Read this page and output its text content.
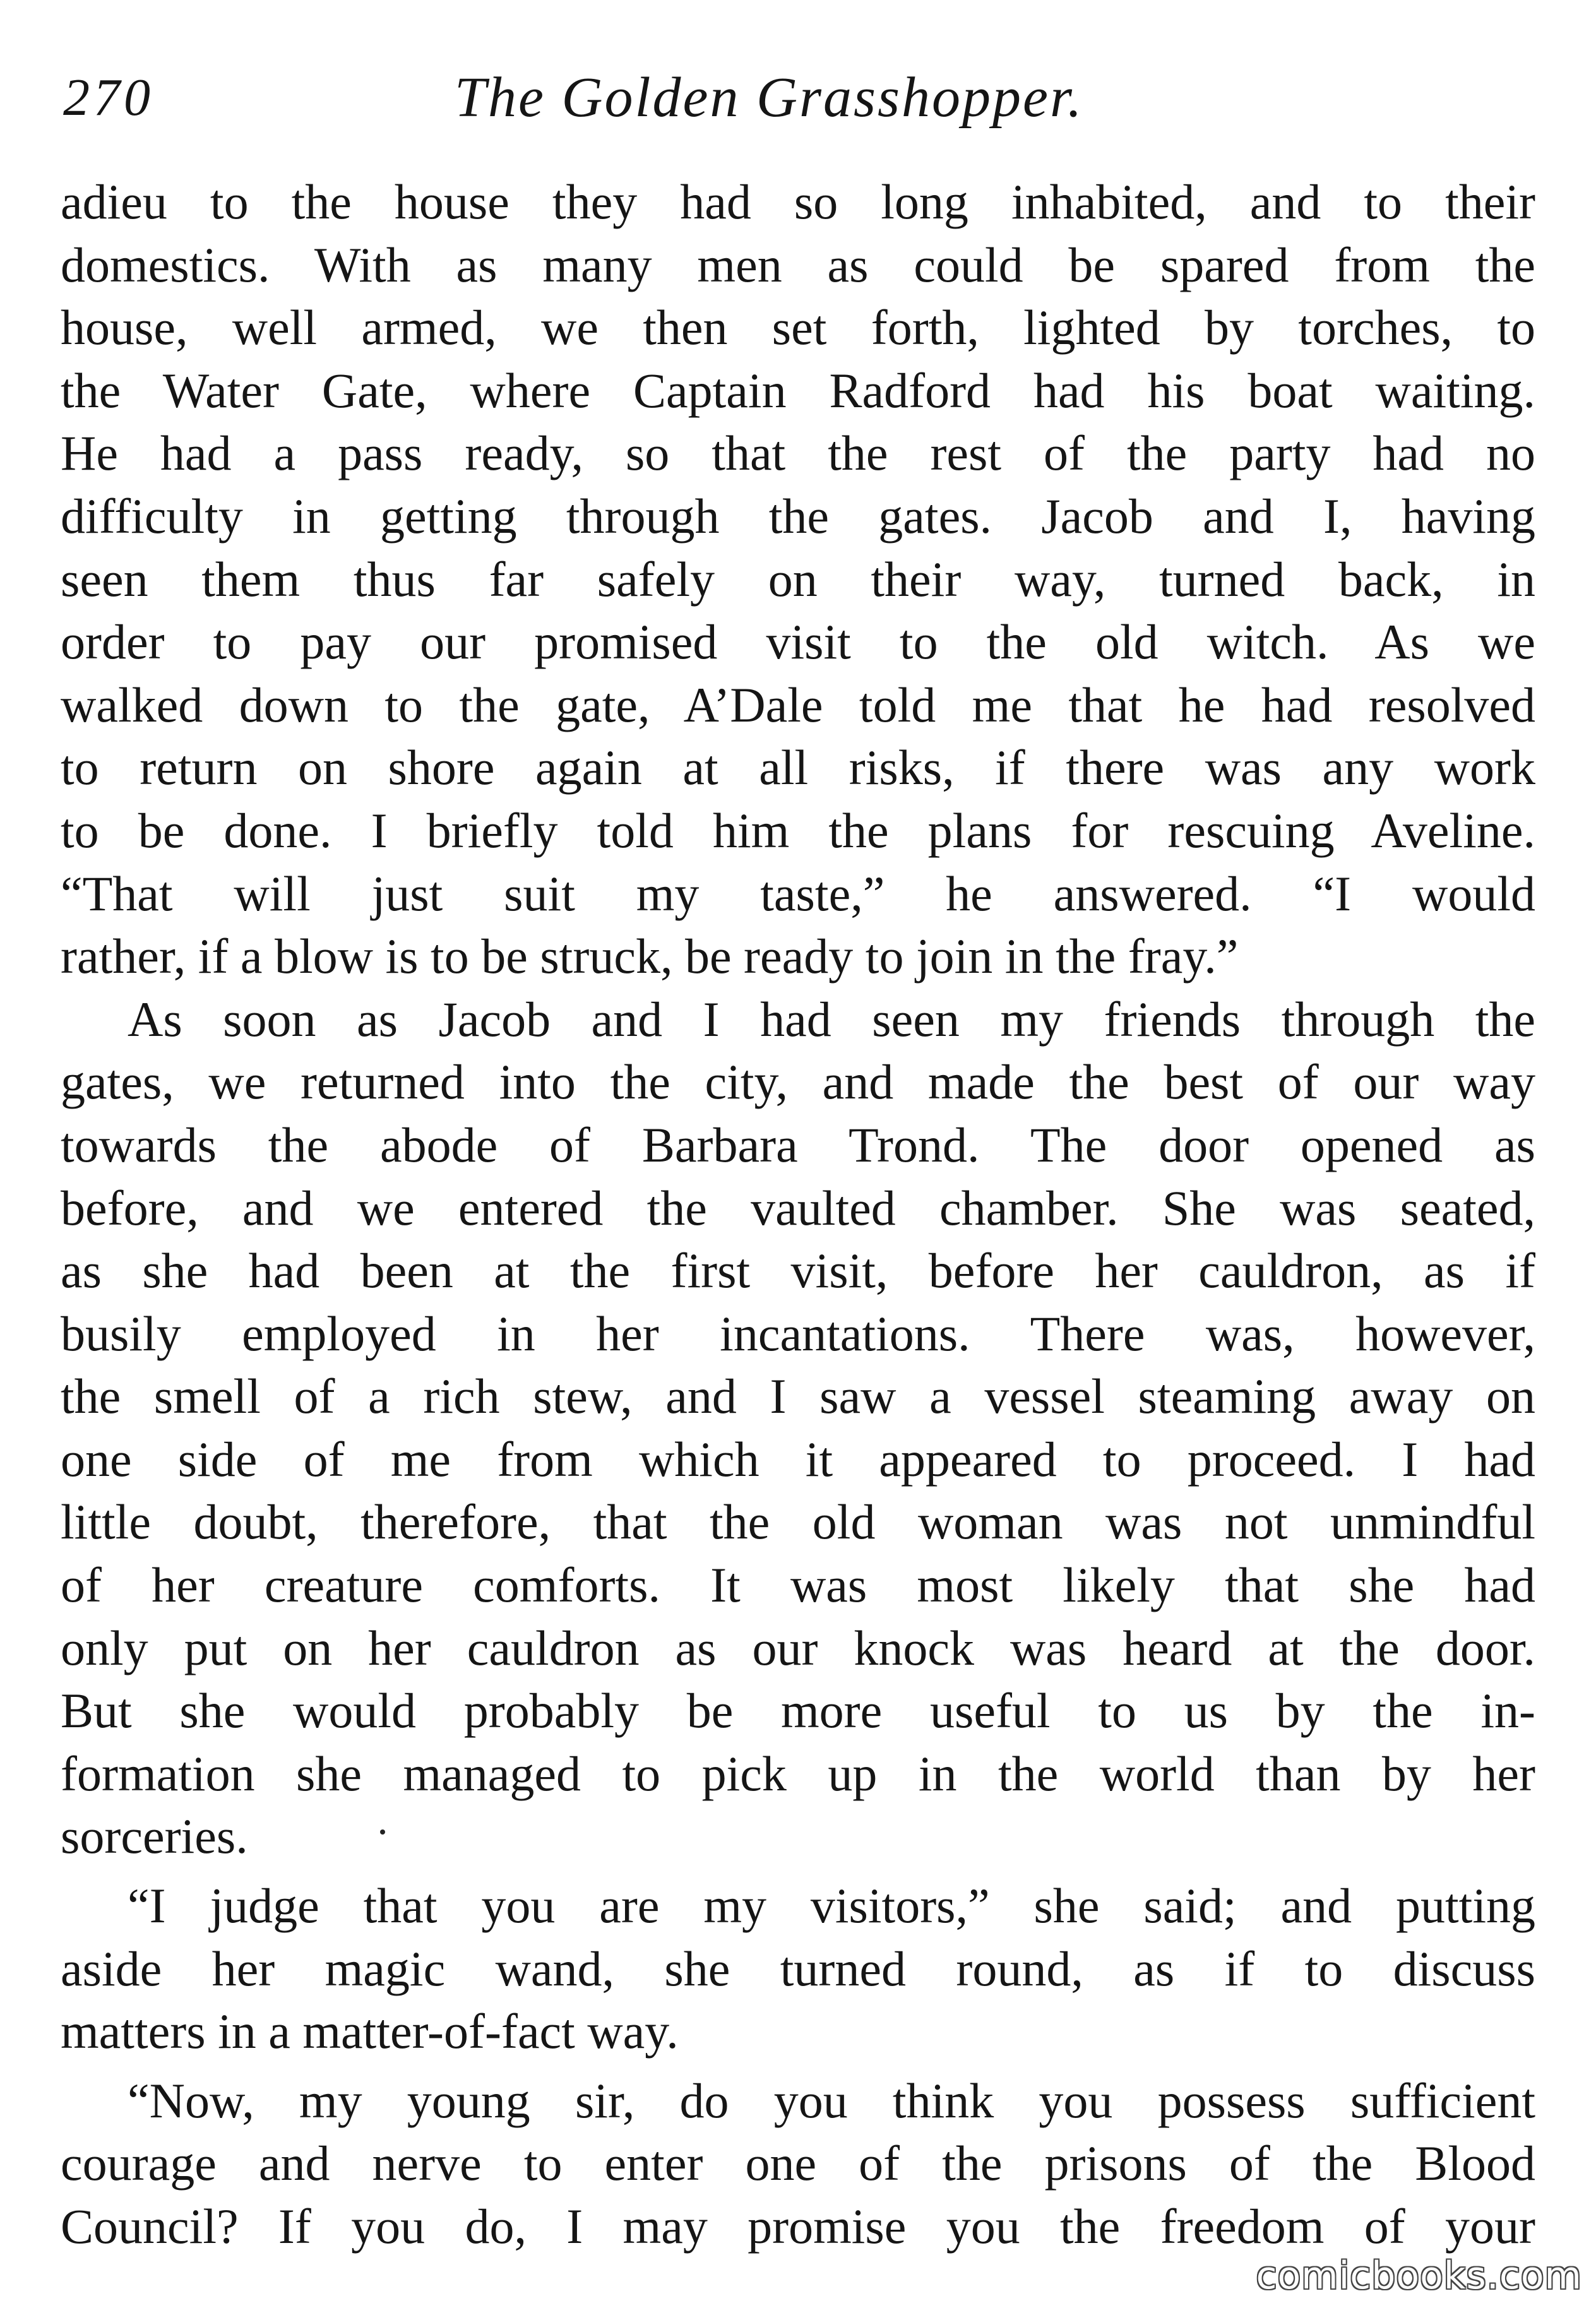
270	The Golden Grasshopper.
adieu to the house they had so long inhabited, and to their
domestics. With as many men as could be spared from the
house, well armed, we then set forth, lighted by torches, to
the Water Gate, where Captain Radford had his boat waiting.
He had a pass ready, so that the rest of the party had no
difficulty in getting through the gates. Jacob and I, having
seen them thus far safely on their way, turned back, in
order to pay our promised visit to the old witch. As we
walked down to the gate, A’Dale told me that he had resolved
to return on shore again at all risks, if there was any work
to be done. I briefly told him the plans for rescuing Aveline.
“That will just suit my taste,” he answered. “I would
rather, if a blow is to be struck, be ready to join in the fray.”
As soon as Jacob and I had seen my friends through the
gates, we returned into the city, and made the best of our way
towards the abode of Barbara Trond. The door opened as
before, and we entered the vaulted chamber. She was seated,
as she had been at the first visit, before her cauldron, as if
busily employed in her incantations. There was, however,
the smell of a rich stew, and I saw a vessel steaming away on
one side of me from which it appeared to proceed. I had
little doubt, therefore, that the old woman was not unmindful
of her creature comforts. It was most likely that she had
only put on her cauldron as our knock was heard at the door.
But she would probably be more useful to us by the in-
formation she managed to pick up in the world than by her
sorceries.
“I judge that you are my visitors,” she said; and putting
aside her magic wand, she turned round, as if to discuss
matters in a matter-of-fact way.
“Now, my young sir, do you think you possess sufficient
courage and nerve to enter one of the prisons of the Blood
Council? If you do, I may promise you the freedom of your
comicbooks.com
